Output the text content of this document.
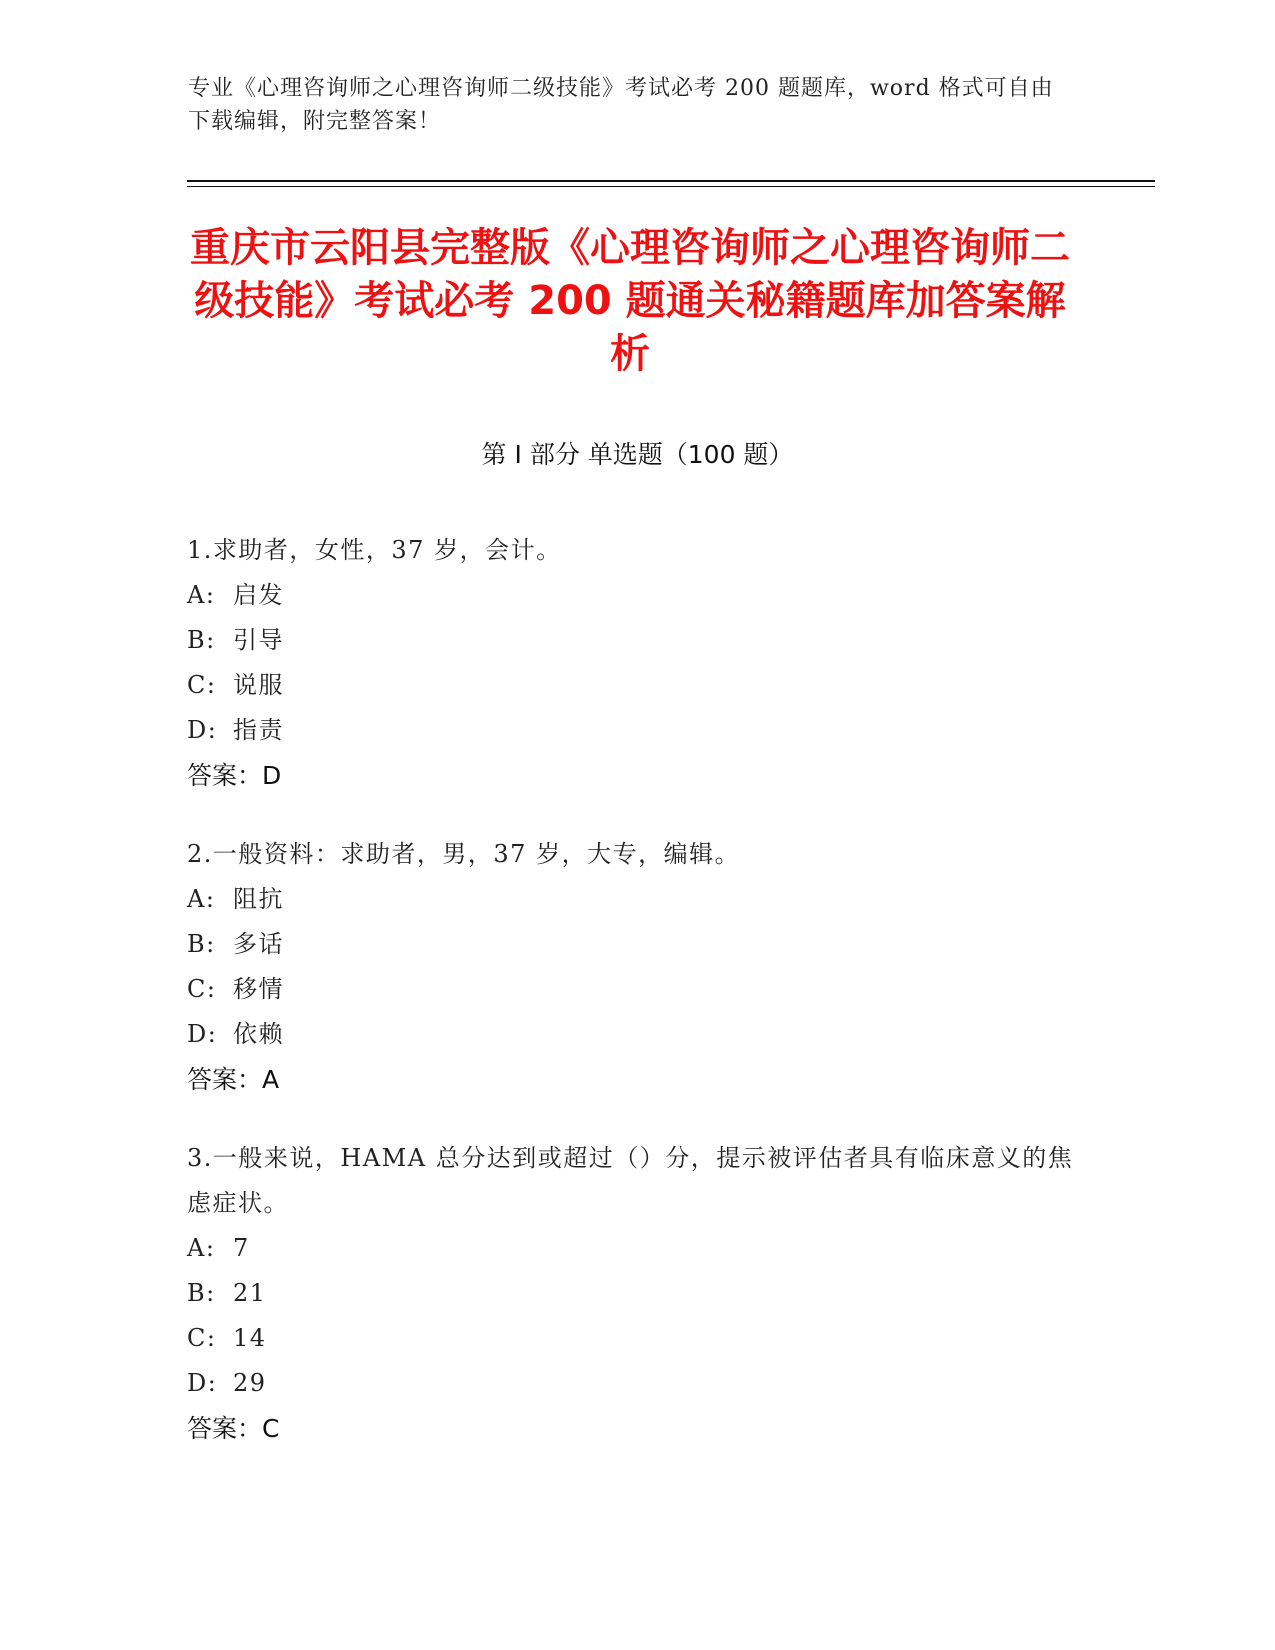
专业《心理咨询师之心理咨询师二级技能》考试必考 200 题题库，word 格式可自由下载编辑，附完整答案！
重庆市云阳县完整版《心理咨询师之心理咨询师二级技能》考试必考 200 题通关秘籍题库加答案解析
第 I 部分 单选题（100 题）
1.求助者，女性，37 岁，会计。
A: 启发
B: 引导
C: 说服
D: 指责
答案：D
2.一般资料：求助者，男，37 岁，大专，编辑。
A: 阻抗
B: 多话
C: 移情
D: 依赖
答案：A
3.一般来说，HAMA 总分达到或超过（）分，提示被评估者具有临床意义的焦虑症状。
A: 7
B: 21
C: 14
D: 29
答案：C
